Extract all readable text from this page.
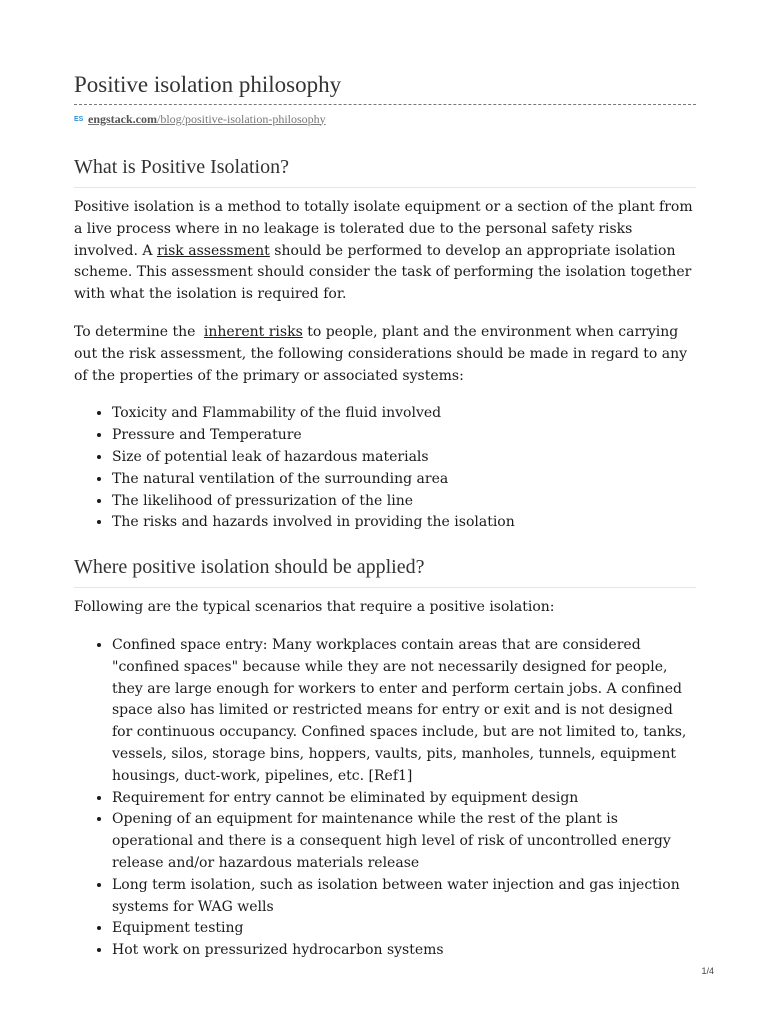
Positive isolation philosophy
ES engstack.com/blog/positive-isolation-philosophy
What is Positive Isolation?

Positive isolation is a method to totally isolate equipment or a section of the plant from a live process where in no leakage is tolerated due to the personal safety risks involved. A risk assessment should be performed to develop an appropriate isolation scheme. This assessment should consider the task of performing the isolation together with what the isolation is required for.

To determine the inherent risks to people, plant and the environment when carrying out the risk assessment, the following considerations should be made in regard to any of the properties of the primary or associated systems:

• Toxicity and Flammability of the fluid involved
• Pressure and Temperature
• Size of potential leak of hazardous materials
• The natural ventilation of the surrounding area
• The likelihood of pressurization of the line
• The risks and hazards involved in providing the isolation
Where positive isolation should be applied?

Following are the typical scenarios that require a positive isolation:

• Confined space entry: Many workplaces contain areas that are considered "confined spaces" because while they are not necessarily designed for people, they are large enough for workers to enter and perform certain jobs. A confined space also has limited or restricted means for entry or exit and is not designed for continuous occupancy. Confined spaces include, but are not limited to, tanks, vessels, silos, storage bins, hoppers, vaults, pits, manholes, tunnels, equipment housings, duct-work, pipelines, etc. [Ref1]
• Requirement for entry cannot be eliminated by equipment design
• Opening of an equipment for maintenance while the rest of the plant is operational and there is a consequent high level of risk of uncontrolled energy release and/or hazardous materials release
• Long term isolation, such as isolation between water injection and gas injection systems for WAG wells
• Equipment testing
• Hot work on pressurized hydrocarbon systems
1/4
